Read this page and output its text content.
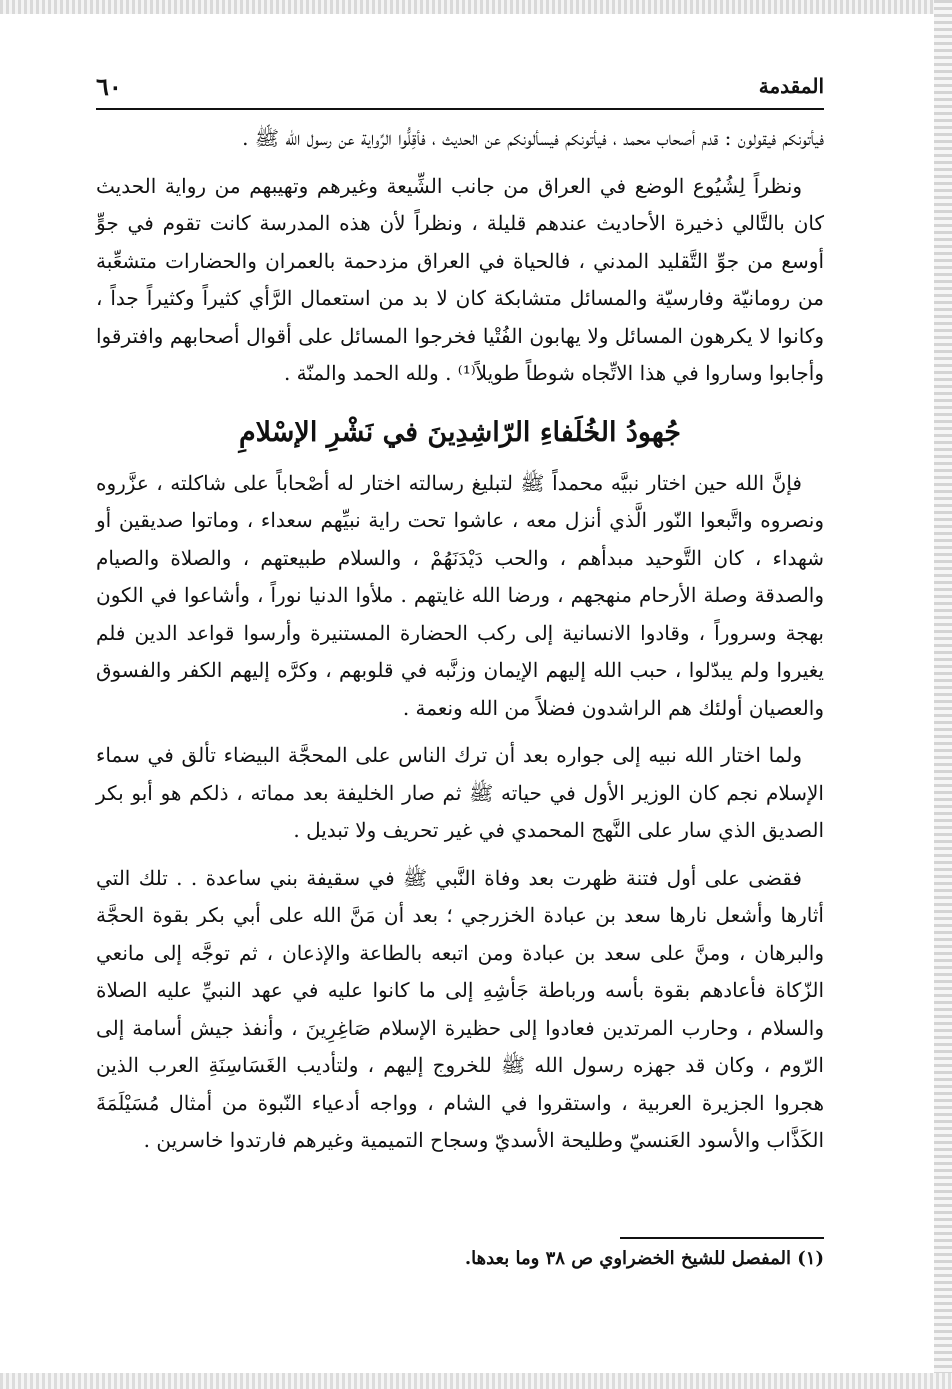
المقدمة
٦٠

فيأتونكم فيقولون : قدم أصحاب محمد ، فيأتونكم فيسألونكم عن الحديث ، فأقِلُّوا الرِّواية عن رسول الله ﷺ .

ونظراً لِشُيُوع الوضع في العراق من جانب الشِّيعة وغيرهم وتهيبهم من رواية الحديث كان بالتَّالي ذخيرة الأحاديث عندهم قليلة ، ونظراً لأن هذه المدرسة كانت تقوم في جوٍّ أوسع من جوِّ التَّقليد المدني ، فالحياة في العراق مزدحمة بالعمران والحضارات متشعِّبة من رومانيّة وفارسيّة والمسائل متشابكة كان لا بد من استعمال الرَّأي كثيراً وكثيراً جداً ، وكانوا لا يكرهون المسائل ولا يهابون الفُتْيا فخرجوا المسائل على أقوال أصحابهم وافترقوا وأجابوا وساروا في هذا الاتِّجاه شوطاً طويلاً⁽¹⁾ . ولله الحمد والمنّة .

جُهودُ الخُلَفاءِ الرّاشِدِينَ في نَشْرِ الإسْلامِ

فإنَّ الله حين اختار نبيَّه محمداً ﷺ لتبليغ رسالته اختار له أصْحاباً على شاكلته ، عزَّروه ونصروه واتَّبعوا النّور الَّذي أنزل معه ، عاشوا تحت راية نبيِّهم سعداء ، وماتوا صديقين أو شهداء ، كان التَّوحيد مبدأهم ، والحب دَيْدَنَهُمْ ، والسلام طبيعتهم ، والصلاة والصيام والصدقة وصلة الأرحام منهجهم ، ورضا الله غايتهم . ملأوا الدنيا نوراً ، وأشاعوا في الكون بهجة وسروراً ، وقادوا الانسانية إلى ركب الحضارة المستنيرة وأرسوا قواعد الدين فلم يغيروا ولم يبدّلوا ، حبب الله إليهم الإيمان وزنَّبه في قلوبهم ، وكرَّه إليهم الكفر والفسوق والعصيان أولئك هم الراشدون فضلاً من الله ونعمة .

ولما اختار الله نبيه إلى جواره بعد أن ترك الناس على المحجَّة البيضاء تألق في سماء الإسلام نجم كان الوزير الأول في حياته ﷺ ثم صار الخليفة بعد مماته ، ذلكم هو أبو بكر الصديق الذي سار على النَّهج المحمدي في غير تحريف ولا تبديل .

فقضى على أول فتنة ظهرت بعد وفاة النَّبي ﷺ في سقيفة بني ساعدة . . تلك التي أثارها وأشعل نارها سعد بن عبادة الخزرجي ؛ بعد أن مَنَّ الله على أبي بكر بقوة الحجَّة والبرهان ، ومنَّ على سعد بن عبادة ومن اتبعه بالطاعة والإذعان ، ثم توجَّه إلى مانعي الزّكاة فأعادهم بقوة بأسه ورباطة جَأشِهِ إلى ما كانوا عليه في عهد النبيِّ عليه الصلاة والسلام ، وحارب المرتدين فعادوا إلى حظيرة الإسلام صَاغِرِينَ ، وأنفذ جيش أسامة إلى الرّوم ، وكان قد جهزه رسول الله ﷺ للخروج إليهم ، ولتأديب الغَسَاسِنَةِ العرب الذين هجروا الجزيرة العربية ، واستقروا في الشام ، وواجه أدعياء النّبوة من أمثال مُسَيْلَمَةَ الكَذَّاب والأسود العَنسيّ وطليحة الأسديّ وسجاح التميمية وغيرهم فارتدوا خاسرين .

(١) المفصل للشيخ الخضراوي ص ٣٨ وما بعدها.
